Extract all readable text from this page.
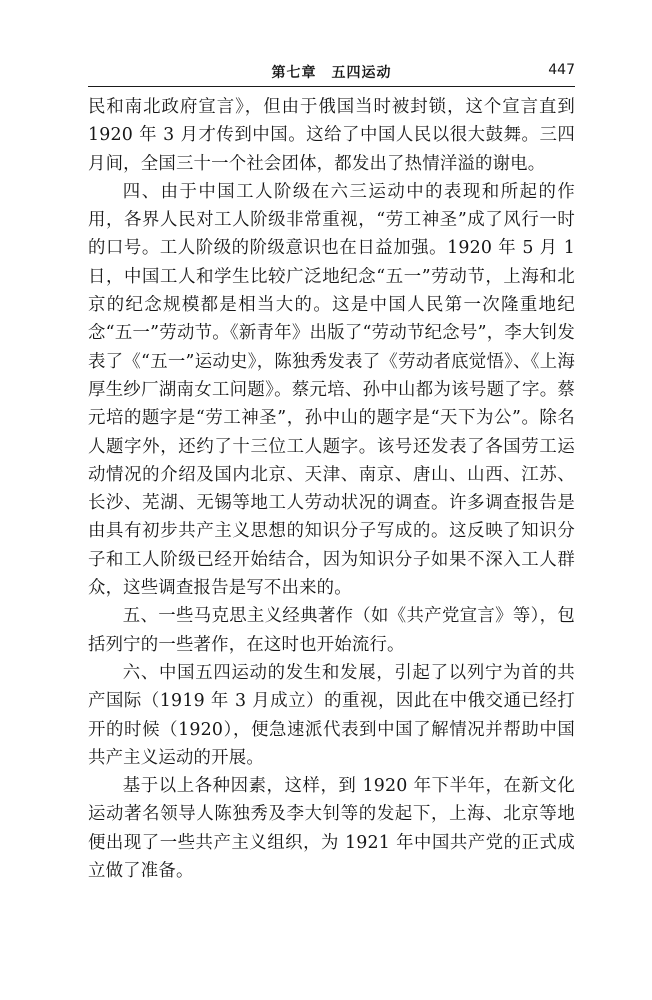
第七章　五四运动	447

民和南北政府宣言》，但由于俄国当时被封锁，这个宣言直到 1920 年 3 月才传到中国。这给了中国人民以很大鼓舞。三四月间，全国三十一个社会团体，都发出了热情洋溢的谢电。

四、由于中国工人阶级在六三运动中的表现和所起的作用，各界人民对工人阶级非常重视，“劳工神圣”成了风行一时的口号。工人阶级的阶级意识也在日益加强。1920 年 5 月 1 日，中国工人和学生比较广泛地纪念“五一”劳动节，上海和北京的纪念规模都是相当大的。这是中国人民第一次隆重地纪念“五一”劳动节。《新青年》出版了“劳动节纪念号”，李大钊发表了《“五一”运动史》，陈独秀发表了《劳动者底觉悟》、《上海厚生纱厂湖南女工问题》。蔡元培、孙中山都为该号题了字。蔡元培的题字是“劳工神圣”，孙中山的题字是“天下为公”。除名人题字外，还约了十三位工人题字。该号还发表了各国劳工运动情况的介绍及国内北京、天津、南京、唐山、山西、江苏、长沙、芜湖、无锡等地工人劳动状况的调查。许多调查报告是由具有初步共产主义思想的知识分子写成的。这反映了知识分子和工人阶级已经开始结合，因为知识分子如果不深入工人群众，这些调查报告是写不出来的。

五、一些马克思主义经典著作（如《共产党宣言》等），包括列宁的一些著作，在这时也开始流行。

六、中国五四运动的发生和发展，引起了以列宁为首的共产国际（1919 年 3 月成立）的重视，因此在中俄交通已经打开的时候（1920），便急速派代表到中国了解情况并帮助中国共产主义运动的开展。

基于以上各种因素，这样，到 1920 年下半年，在新文化运动著名领导人陈独秀及李大钊等的发起下，上海、北京等地便出现了一些共产主义组织，为 1921 年中国共产党的正式成立做了准备。
